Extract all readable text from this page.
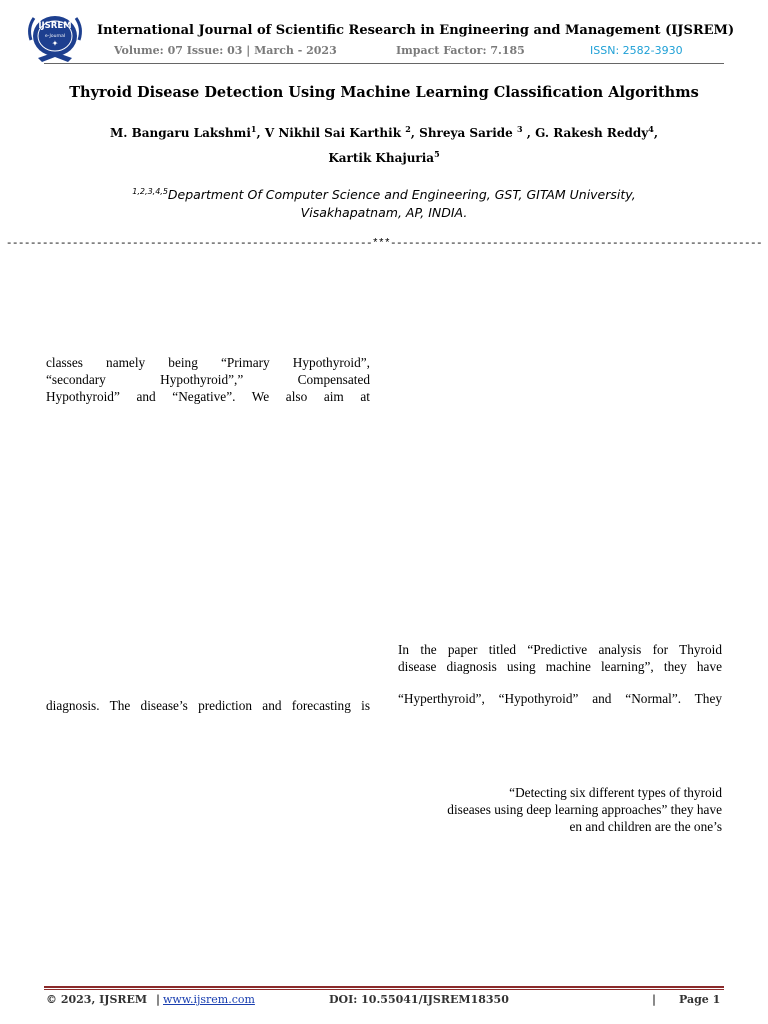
IJSREM
e-Journal
✦
International Journal of Scientific Research in Engineering and Management (IJSREM)
Volume: 07 Issue: 03 | March - 2023	Impact Factor: 7.185	ISSN: 2582-3930
Thyroid Disease Detection Using Machine Learning Classification Algorithms
M. Bangaru Lakshmi$^1$, V Nikhil Sai Karthik $^2$, Shreya Saride $^3$ , G. Rakesh Reddy$^4$,
Kartik Khajuria$^5$
$^{1,2,3,4,5}$Department Of Computer Science and Engineering, GST, GITAM University,
Visakhapatnam, AP, INDIA.
-------------------------------------------------------------***--------------------------------------------------------------
classes namely being “Primary Hypothyroid”,
“secondary Hypothyroid”,” Compensated
Hypothyroid” and “Negative”. We also aim at
diagnosis. The disease’s prediction and forecasting is
In the paper titled “Predictive analysis for Thyroid
disease diagnosis using machine learning”, they have
“Hyperthyroid”, “Hypothyroid” and “Normal”. They
“Detecting six different types of thyroid
diseases using deep learning approaches” they have
en and children are the one’s
© 2023, IJSREM | www.ijsrem.com	DOI: 10.55041/IJSREM18350	| Page 1
